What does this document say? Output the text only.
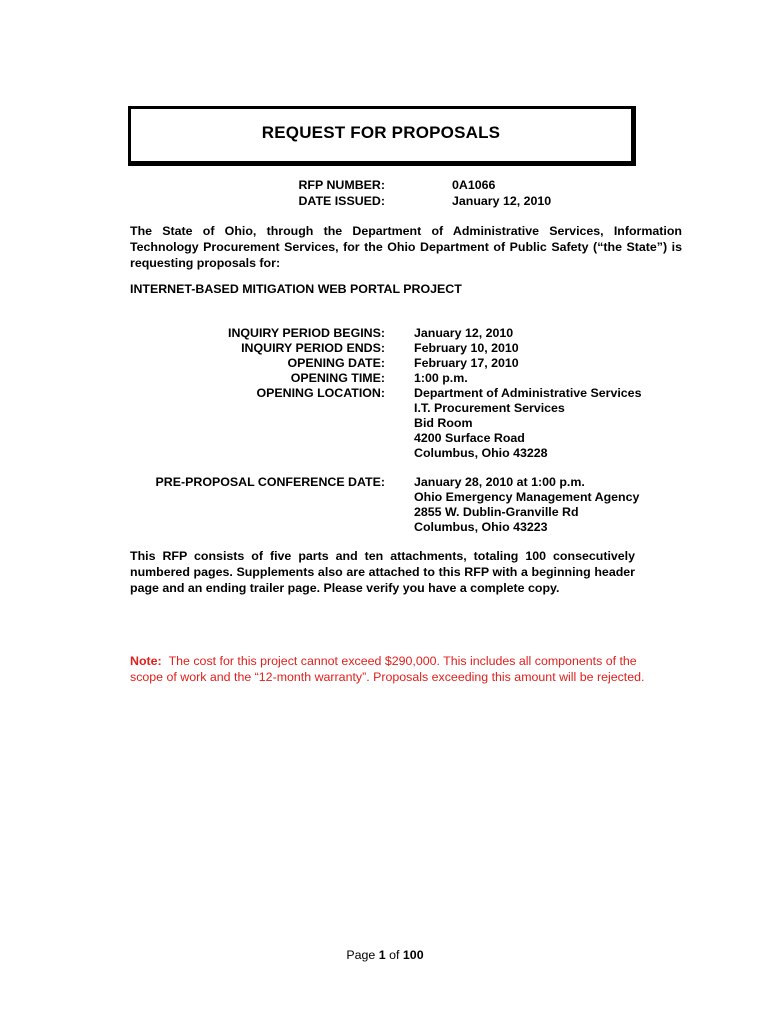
REQUEST FOR PROPOSALS
RFP NUMBER:	0A1066
DATE ISSUED:	January 12, 2010
The State of Ohio, through the Department of Administrative Services, Information Technology Procurement Services, for the Ohio Department of Public Safety (“the State”) is requesting proposals for:
INTERNET-BASED MITIGATION WEB PORTAL PROJECT
INQUIRY PERIOD BEGINS: January 12, 2010
INQUIRY PERIOD ENDS: February 10, 2010
OPENING DATE: February 17, 2010
OPENING TIME: 1:00 p.m.
OPENING LOCATION: Department of Administrative Services
I.T. Procurement Services
Bid Room
4200 Surface Road
Columbus, Ohio 43228
PRE-PROPOSAL CONFERENCE DATE: January 28, 2010 at 1:00 p.m.
Ohio Emergency Management Agency
2855 W. Dublin-Granville Rd
Columbus, Ohio 43223
This RFP consists of five parts and ten attachments, totaling 100 consecutively numbered pages. Supplements also are attached to this RFP with a beginning header page and an ending trailer page. Please verify you have a complete copy.
Note: The cost for this project cannot exceed $290,000. This includes all components of the scope of work and the “12-month warranty”. Proposals exceeding this amount will be rejected.
Page 1 of 100
